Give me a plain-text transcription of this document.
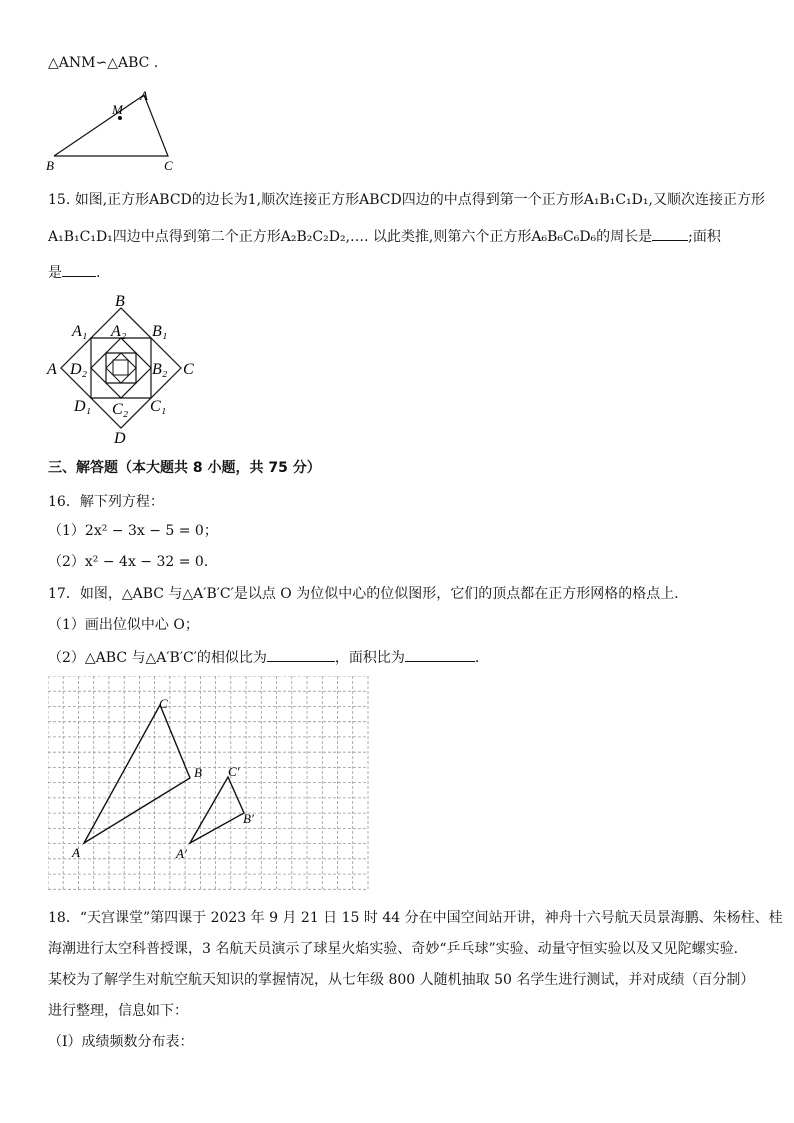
△ANM∽△ABC .
M
A
B	C
15. 如图,正方形ABCD的边长为1,顺次连接正方形ABCD四边的中点得到第一个正方形A₁B₁C₁D₁,又顺次连接正方形
A₁B₁C₁D₁四边中点得到第二个正方形A₂B₂C₂D₂,…. 以此类推,则第六个正方形A₆B₆C₆D₆的周长是	;面积
是 .
B
A	C
D
A₁	B₁
C₁
D₁
A₂
B₂
C₂
D₂
三、解答题（本大题共 8 小题，共 75 分）
16．解下列方程：
（1）2x² − 3x − 5 = 0；
（2）x² − 4x − 32 = 0．
17．如图，△ABC 与△A′B′C′是以点 O 为位似中心的位似图形，它们的顶点都在正方形网格的格点上．
（1）画出位似中心 O；
（2）△ABC 与△A′B′C′的相似比为	，面积比为	．
A
B
C
A′
B′
C′
18．“天宫课堂”第四课于 2023 年 9 月 21 日 15 时 44 分在中国空间站开讲，神舟十六号航天员景海鹏、朱杨柱、桂
海潮进行太空科普授课，3 名航天员演示了球星火焰实验、奇妙“乒乓球”实验、动量守恒实验以及又见陀螺实验．
某校为了解学生对航空航天知识的掌握情况，从七年级 800 人随机抽取 50 名学生进行测试，并对成绩（百分制）
进行整理，信息如下：
（Ⅰ）成绩频数分布表：
